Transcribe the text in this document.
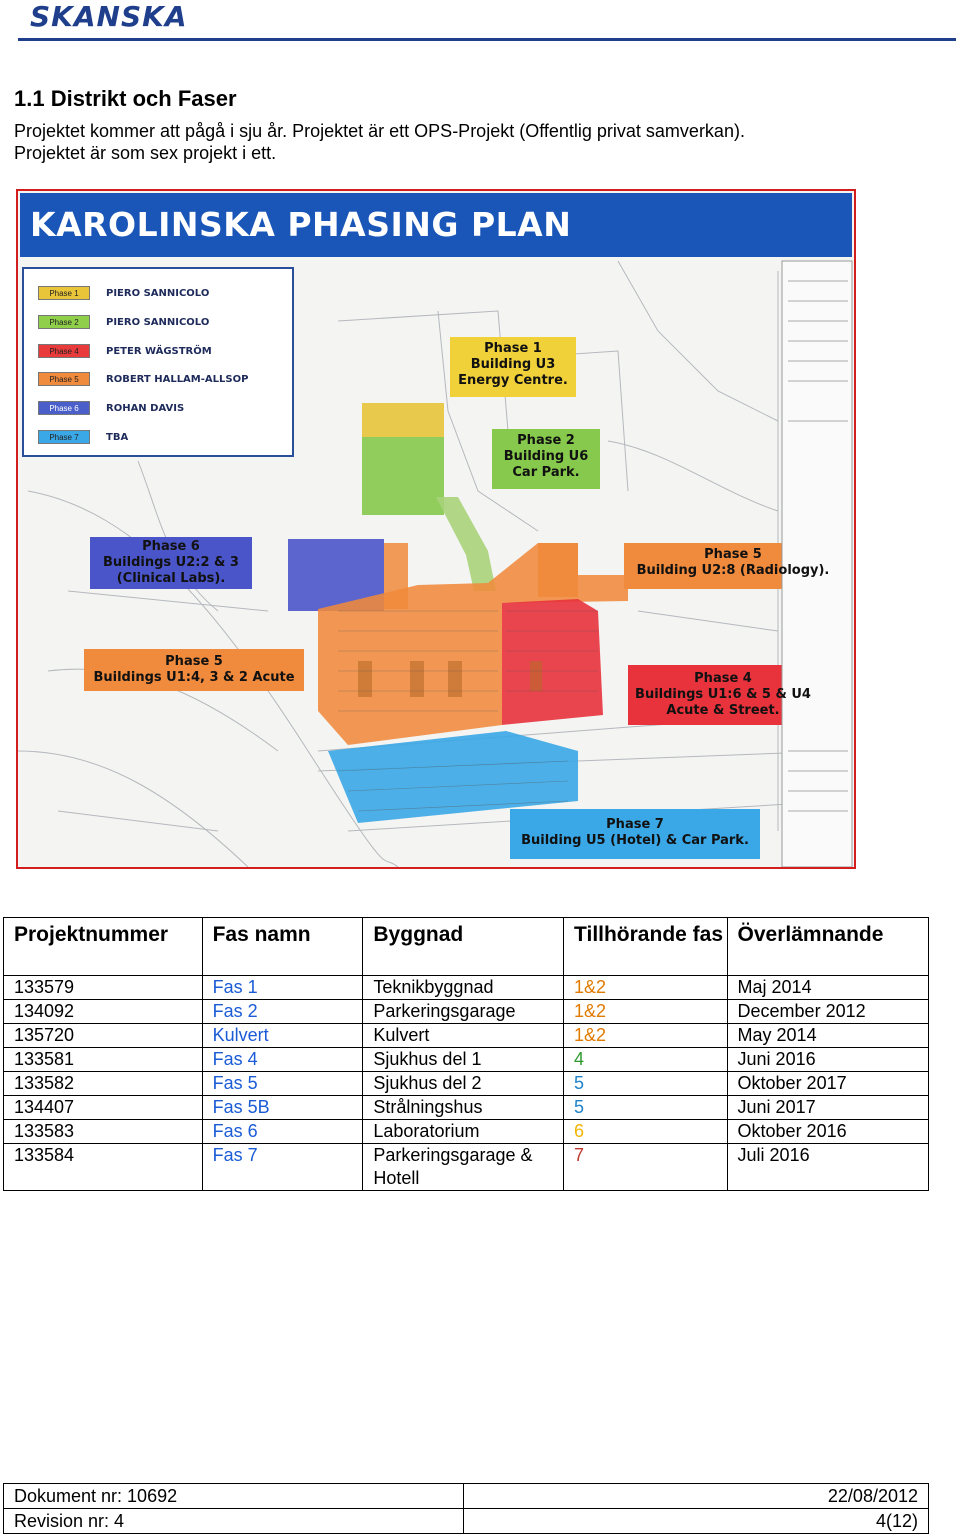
SKANSKA
1.1 Distrikt och Faser
Projektet kommer att pågå i sju år. Projektet är ett OPS-Projekt (Offentlig privat samverkan).
Projektet är som sex projekt i ett.
KAROLINSKA PHASING PLAN
Phase 1	PIERO SANNICOLO
Phase 2	PIERO SANNICOLO
Phase 4	PETER WÄGSTRÖM
Phase 5	ROBERT HALLAM-ALLSOP
Phase 6	ROHAN DAVIS
Phase 7	TBA
Phase 1
Building U3
Energy Centre.
Phase 2
Building U6
Car Park.
Phase 6
Buildings U2:2 & 3
(Clinical Labs).
Phase 5
Building U2:8 (Radiology).
Phase 5
Buildings U1:4, 3 & 2 Acute	Phase 4
Buildings U1:6 & 5 & U4
Acute & Street.
Phase 7
Building U5 (Hotel) & Car Park.
Projektnummer	Fas namn	Byggnad	Tillhörande fas	Överlämnande
133579	Fas 1	Teknikbyggnad	1&2	Maj 2014
134092	Fas 2	Parkeringsgarage	1&2	December 2012
135720	Kulvert	Kulvert	1&2	May 2014
133581	Fas 4	Sjukhus del 1	4	Juni 2016
133582	Fas 5	Sjukhus del 2	5	Oktober 2017
134407	Fas 5B	Strålningshus	5	Juni 2017
133583	Fas 6	Laboratorium	6	Oktober 2016
133584	Fas 7	Parkeringsgarage & Hotell	7	Juli 2016
Dokument nr: 10692	22/08/2012
Revision nr: 4	4(12)
